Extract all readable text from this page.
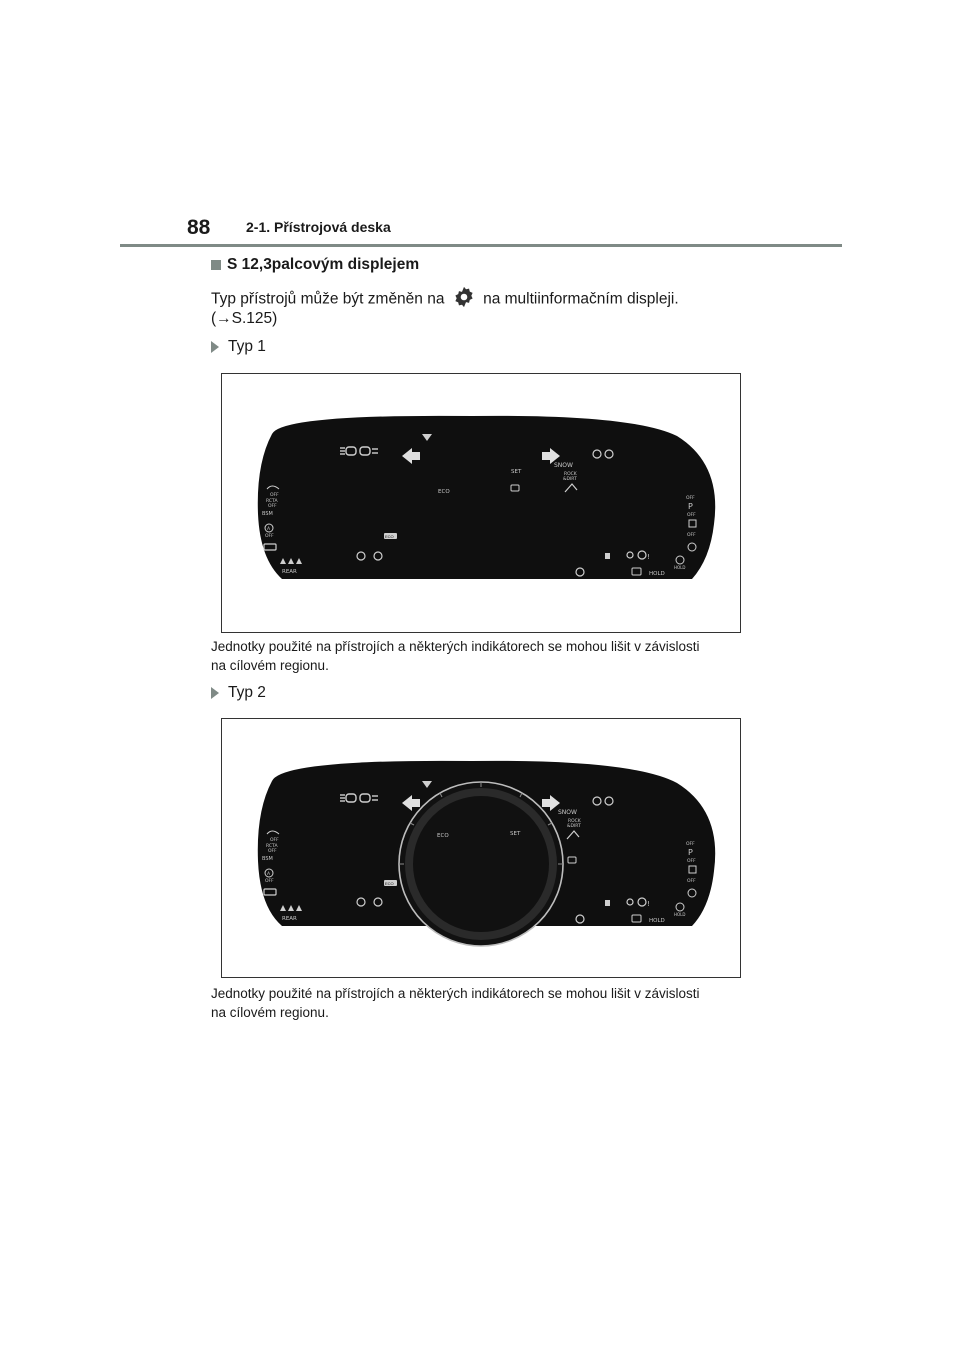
88	2-1. Přístrojová deska
S 12,3palcovým displejem
Typ přístrojů může být změněn na na multiinformačním displeji.
(→S.125)
Typ 1
SNOW
ROCK
&DIRT
SET
ECO
OFF
RCTA
OFF
BSM
A
OFF	ECO
REAR
!
HOLD
HOLD
OFF
P
OFF
OFF
Jednotky použité na přístrojích a některých indikátorech se mohou lišit v závislosti
na cílovém regionu.
Typ 2
ECO	SET
SNOW
ROCK
&DIRT
OFF
RCTA
OFF
BSM
A
OFF	ECO
REAR
!
HOLD
HOLD
OFF
P
OFF
OFF
Jednotky použité na přístrojích a některých indikátorech se mohou lišit v závislosti
na cílovém regionu.
